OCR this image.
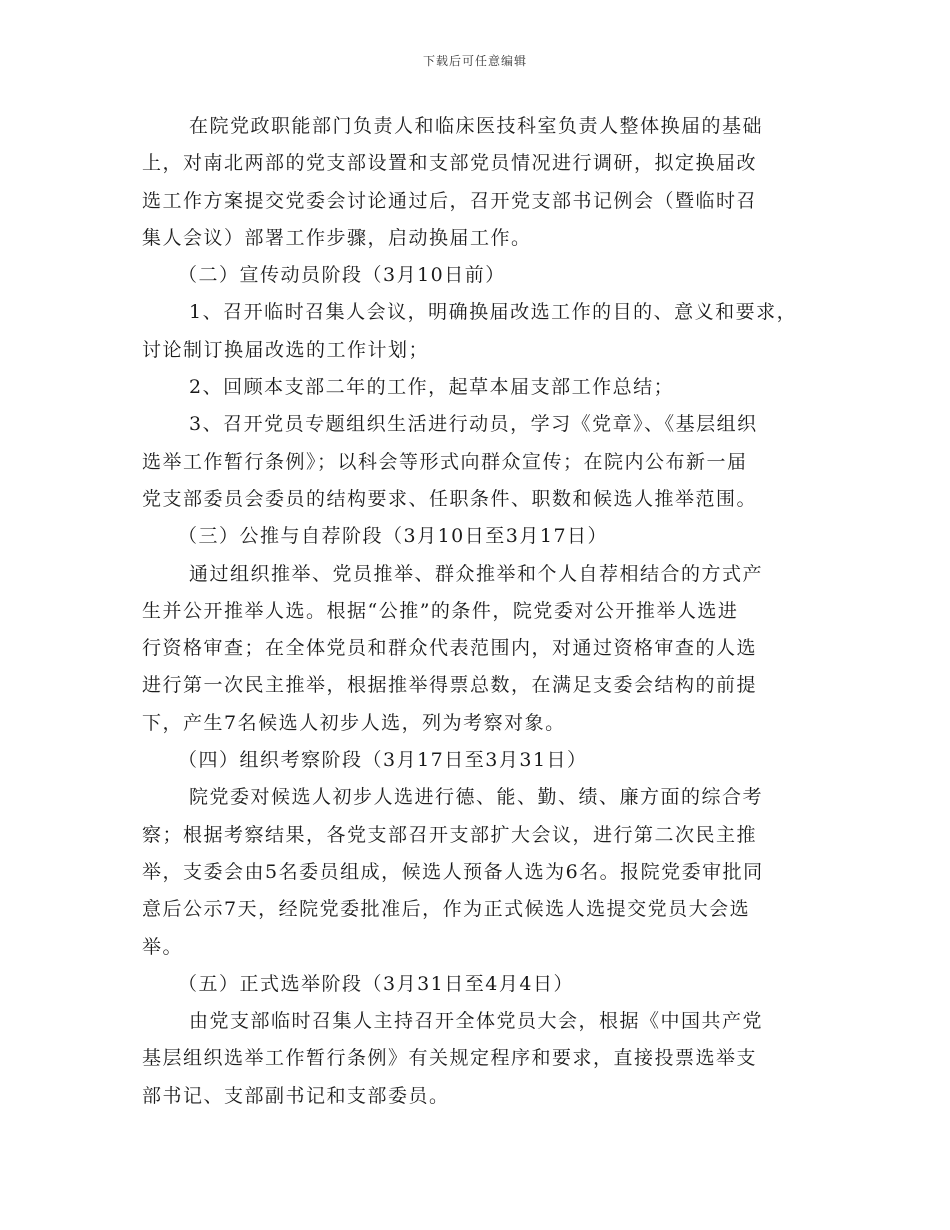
下载后可任意编辑
在院党政职能部门负责人和临床医技科室负责人整体换届的基础
上，对南北两部的党支部设置和支部党员情况进行调研，拟定换届改
选工作方案提交党委会讨论通过后，召开党支部书记例会（暨临时召
集人会议）部署工作步骤，启动换届工作。
（二）宣传动员阶段（3月10日前）
1、召开临时召集人会议，明确换届改选工作的目的、意义和要求，
讨论制订换届改选的工作计划；
2、回顾本支部二年的工作，起草本届支部工作总结；
3、召开党员专题组织生活进行动员，学习《党章》、《基层组织
选举工作暂行条例》；以科会等形式向群众宣传；在院内公布新一届
党支部委员会委员的结构要求、任职条件、职数和候选人推举范围。
（三）公推与自荐阶段（3月10日至3月17日）
通过组织推举、党员推举、群众推举和个人自荐相结合的方式产
生并公开推举人选。根据“公推”的条件，院党委对公开推举人选进
行资格审查；在全体党员和群众代表范围内，对通过资格审查的人选
进行第一次民主推举，根据推举得票总数，在满足支委会结构的前提
下，产生7名候选人初步人选，列为考察对象。
（四）组织考察阶段（3月17日至3月31日）
院党委对候选人初步人选进行德、能、勤、绩、廉方面的综合考
察；根据考察结果，各党支部召开支部扩大会议，进行第二次民主推
举，支委会由5名委员组成，候选人预备人选为6名。报院党委审批同
意后公示7天，经院党委批准后，作为正式候选人选提交党员大会选
举。
（五）正式选举阶段（3月31日至4月4日）
由党支部临时召集人主持召开全体党员大会，根据《中国共产党
基层组织选举工作暂行条例》有关规定程序和要求，直接投票选举支
部书记、支部副书记和支部委员。
